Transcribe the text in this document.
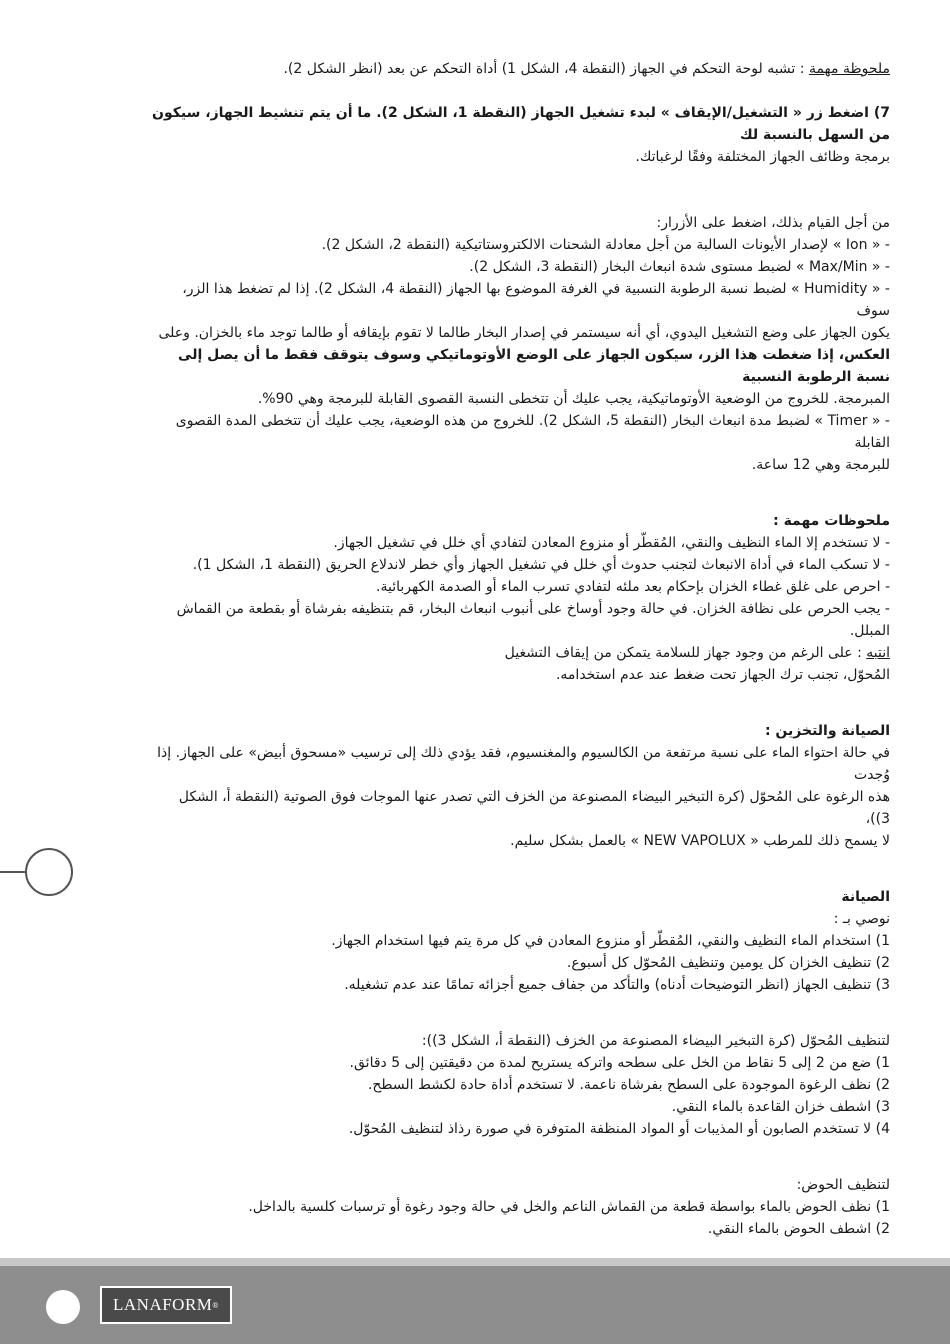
ملحوظة مهمة : تشبه لوحة التحكم في الجهاز (النقطة 4، الشكل 1) أداة التحكم عن بعد (انظر الشكل 2).

7) اضغط زر « التشغيل/الإيقاف » لبدء تشغيل الجهاز (النقطة 1، الشكل 2). ما أن يتم تنشيط الجهاز، سيكون من السهل بالنسبة لك

برمجة وظائف الجهاز المختلفة وفقًا لرغباتك.

من أجل القيام بذلك، اضغط على الأزرار:

- « Ion » لإصدار الأيونات السالبة من أجل معادلة الشحنات الالكتروستاتيكية (النقطة 2، الشكل 2).

- « Max/Min » لضبط مستوى شدة انبعاث البخار (النقطة 3، الشكل 2).

- « Humidity » لضبط نسبة الرطوبة النسبية في الغرفة الموضوع بها الجهاز (النقطة 4، الشكل 2). إذا لم تضغط هذا الزر، سوف

يكون الجهاز على وضع التشغيل اليدوي، أي أنه سيستمر في إصدار البخار طالما لا تقوم بإيقافه أو طالما توجد ماء بالخزان. وعلى

العكس، إذا ضغطت هذا الزر، سيكون الجهاز على الوضع الأوتوماتيكي وسوف يتوقف فقط ما أن يصل إلى نسبة الرطوبة النسبية

المبرمجة. للخروج من الوضعية الأوتوماتيكية، يجب عليك أن تتخطى النسبة القصوى القابلة للبرمجة وهي 90%.

- « Timer » لضبط مدة انبعاث البخار (النقطة 5، الشكل 2). للخروج من هذه الوضعية، يجب عليك أن تتخطى المدة القصوى القابلة

للبرمجة وهي 12 ساعة.

ملحوظات مهمة :

- لا تستخدم إلا الماء النظيف والنقي، المُقطّر أو منزوع المعادن لتفادي أي خلل في تشغيل الجهاز.

- لا تسكب الماء في أداة الانبعاث لتجنب حدوث أي خلل في تشغيل الجهاز وأي خطر لاندلاع الحريق (النقطة 1، الشكل 1).

- احرص على غلق غطاء الخزان بإحكام بعد ملئه لتفادي تسرب الماء أو الصدمة الكهربائية.

- يجب الحرص على نظافة الخزان. في حالة وجود أوساخ على أنبوب انبعاث البخار، قم بتنظيفه بفرشاة أو بقطعة من القماش المبلل.

انتبه : على الرغم من وجود جهاز للسلامة يتمكن من إيقاف التشغيل

المُحوّل، تجنب ترك الجهاز تحت ضغط عند عدم استخدامه.

الصيانة والتخزين :

في حالة احتواء الماء على نسبة مرتفعة من الكالسيوم والمغنسيوم، فقد يؤدي ذلك إلى ترسيب «مسحوق أبيض» على الجهاز. إذا وُجدت

هذه الرغوة على المُحوّل (كرة التبخير البيضاء المصنوعة من الخزف التي تصدر عنها الموجات فوق الصوتية (النقطة أ، الشكل 3))،

لا يسمح ذلك للمرطب « NEW VAPOLUX » بالعمل بشكل سليم.

الصيانة

نوصي بـ :

1) استخدام الماء النظيف والنقي، المُقطّر أو منزوع المعادن في كل مرة يتم فيها استخدام الجهاز.

2) تنظيف الخزان كل يومين وتنظيف المُحوّل كل أسبوع.

3) تنظيف الجهاز (انظر التوضيحات أدناه) والتأكد من جفاف جميع أجزائه تمامًا عند عدم تشغيله.

لتنظيف المُحوّل (كرة التبخير البيضاء المصنوعة من الخزف (النقطة أ، الشكل 3)):

1) ضع من 2 إلى 5 نقاط من الخل على سطحه واتركه يستريح لمدة من دقيقتين إلى 5 دقائق.

2) نظف الرغوة الموجودة على السطح بفرشاة ناعمة. لا تستخدم أداة حادة لكشط السطح.

3) اشطف خزان القاعدة بالماء النقي.

4) لا تستخدم الصابون أو المذيبات أو المواد المنظفة المتوفرة في صورة رذاذ لتنظيف المُحوّل.

لتنظيف الحوض:

1) نظف الحوض بالماء بواسطة قطعة من القماش الناعم والخل في حالة وجود رغوة أو ترسبات كلسية بالداخل.

2) اشطف الحوض بالماء النقي.

LANAFORM ®
